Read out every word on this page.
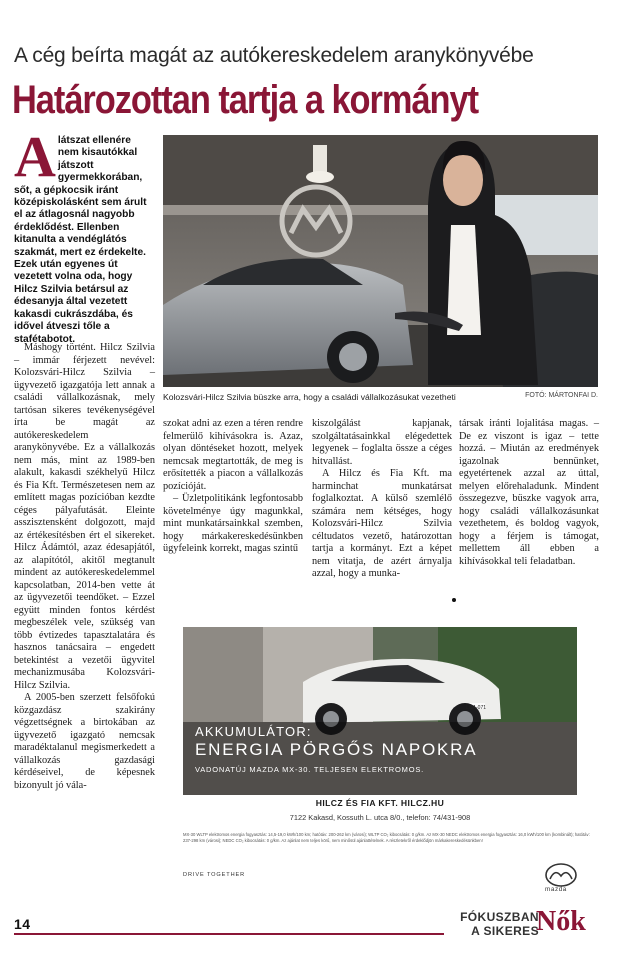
A cég beírta magát az autókereskedelem aranykönyvébe
Határozottan tartja a kormányt
A látszat ellenére nem kisautókkal játszott gyermekkorában, sőt, a gépkocsik iránt középiskolásként sem árult el az átlagosnál nagyobb érdeklődést. Ellenben kitanulta a vendéglátós szakmát, mert ez érdekelte. Ezek után egyenes út vezetett volna oda, hogy Hilcz Szilvia betársul az édesanyja által vezetett kakasdi cukrászdába, és idővel átveszi tőle a stafétabotot.
Kolozsvári-Hilcz Szilvia büszke arra, hogy a családi vállalkozásukat vezetheti	FOTÓ: MÁRTONFAI D.

Máshogy történt. Hilcz Szilvia – immár férjezett nevével: Kolozsvári-Hilcz Szilvia – ügyvezető igazgatója lett annak a családi vállalkozásnak, mely tartósan sikeres tevékenységével írta be magát az autókereskedelem aranykönyvébe. Ez a vállalkozás nem más, mint az 1989-ben alakult, kakasdi székhelyű Hilcz és Fia Kft. Természetesen nem az említett magas pozícióban kezdte céges pályafutását. Eleinte asszisztensként dolgozott, majd az értékesítésben ért el sikereket. Hilcz Ádámtól, azaz édesapjától, az alapítótól, akitől megtanult mindent az autókereskedelemmel kapcsolatban, 2014-ben vette át az ügyvezetői teendőket. – Ezzel együtt minden fontos kérdést megbeszélek vele, szükség van több évtizedes tapasztalatára és hasznos tanácsaira – engedett betekintést a vezetői ügyvitel mechanizmusába Kolozsvári-Hilcz Szilvia.

A 2005-ben szerzett felsőfokú közgazdász szakirány végzettségnek a birtokában az ügyvezető igazgató nemcsak maradéktalanul megismerkedett a vállalkozás gazdasági kérdéseivel, de képesnek bizonyult jó vála-

szokat adni az ezen a téren rendre felmerülő kihívásokra is. Azaz, olyan döntéseket hozott, melyek nemcsak megtartották, de meg is erősítették a piacon a vállalkozás pozícióját.

– Üzletpolitikánk legfontosabb követelménye úgy magunkkal, mint munkatársainkkal szemben, hogy márkakereskedésünkben ügyfeleink korrekt, magas szintű

kiszolgálást kapjanak, szolgáltatásainkkal elégedettek legyenek – foglalta össze a céges hitvallást.

A Hilcz és Fia Kft. ma harminchat munkatársat foglalkoztat. A külső szemlélő számára nem kétséges, hogy Kolozsvári-Hilcz Szilvia céltudatos vezető, határozottan tartja a kormányt. Ezt a képet nem vitatja, de azért árnyalja azzal, hogy a munka-

társak iránti lojalitása magas. – De ez viszont is igaz – tette hozzá. – Miután az eredmények igazolnak bennünket, egyetértenek azzal az úttal, melyen előrehaladunk. Mindent összegezve, büszke vagyok arra, hogy családi vállalkozásunkat vezethetem, és boldog vagyok, hogy a férjem is támogat, mellettem áll ebben a kihívásokkal teli feladatban.

LOA-071
AKKUMULÁTOR:
ENERGIA PÖRGŐS NAPOKRA
VADONATÚJ MAZDA MX-30. TELJESEN ELEKTROMOS.
HILCZ ÉS FIA KFT. HILCZ.HU
7122 Kakasd, Kossuth L. utca 8/0., telefon: 74/431-908
MX-30 WLTP elektromos energia fogyasztás: 14,5-19,0 kWh/100 km; hatótáv: 200-262 km (városi); WLTP CO₂ kibocsátás: 0 g/km. Az MX-30 NEDC elektromos energia fogyasztás: 16,0 kWh/100 km (kombinált); hatótáv: 237-298 km (városi); NEDC CO₂ kibocsátás: 0 g/km. Az ajánlat nem teljes körű, nem minősül ajánlattételnek. A részletekről érdeklődjön márkakereskedésünkben!
DRIVE TOGETHER
mazda
14	FÓKUSZBAN
A SIKERES
Nők
